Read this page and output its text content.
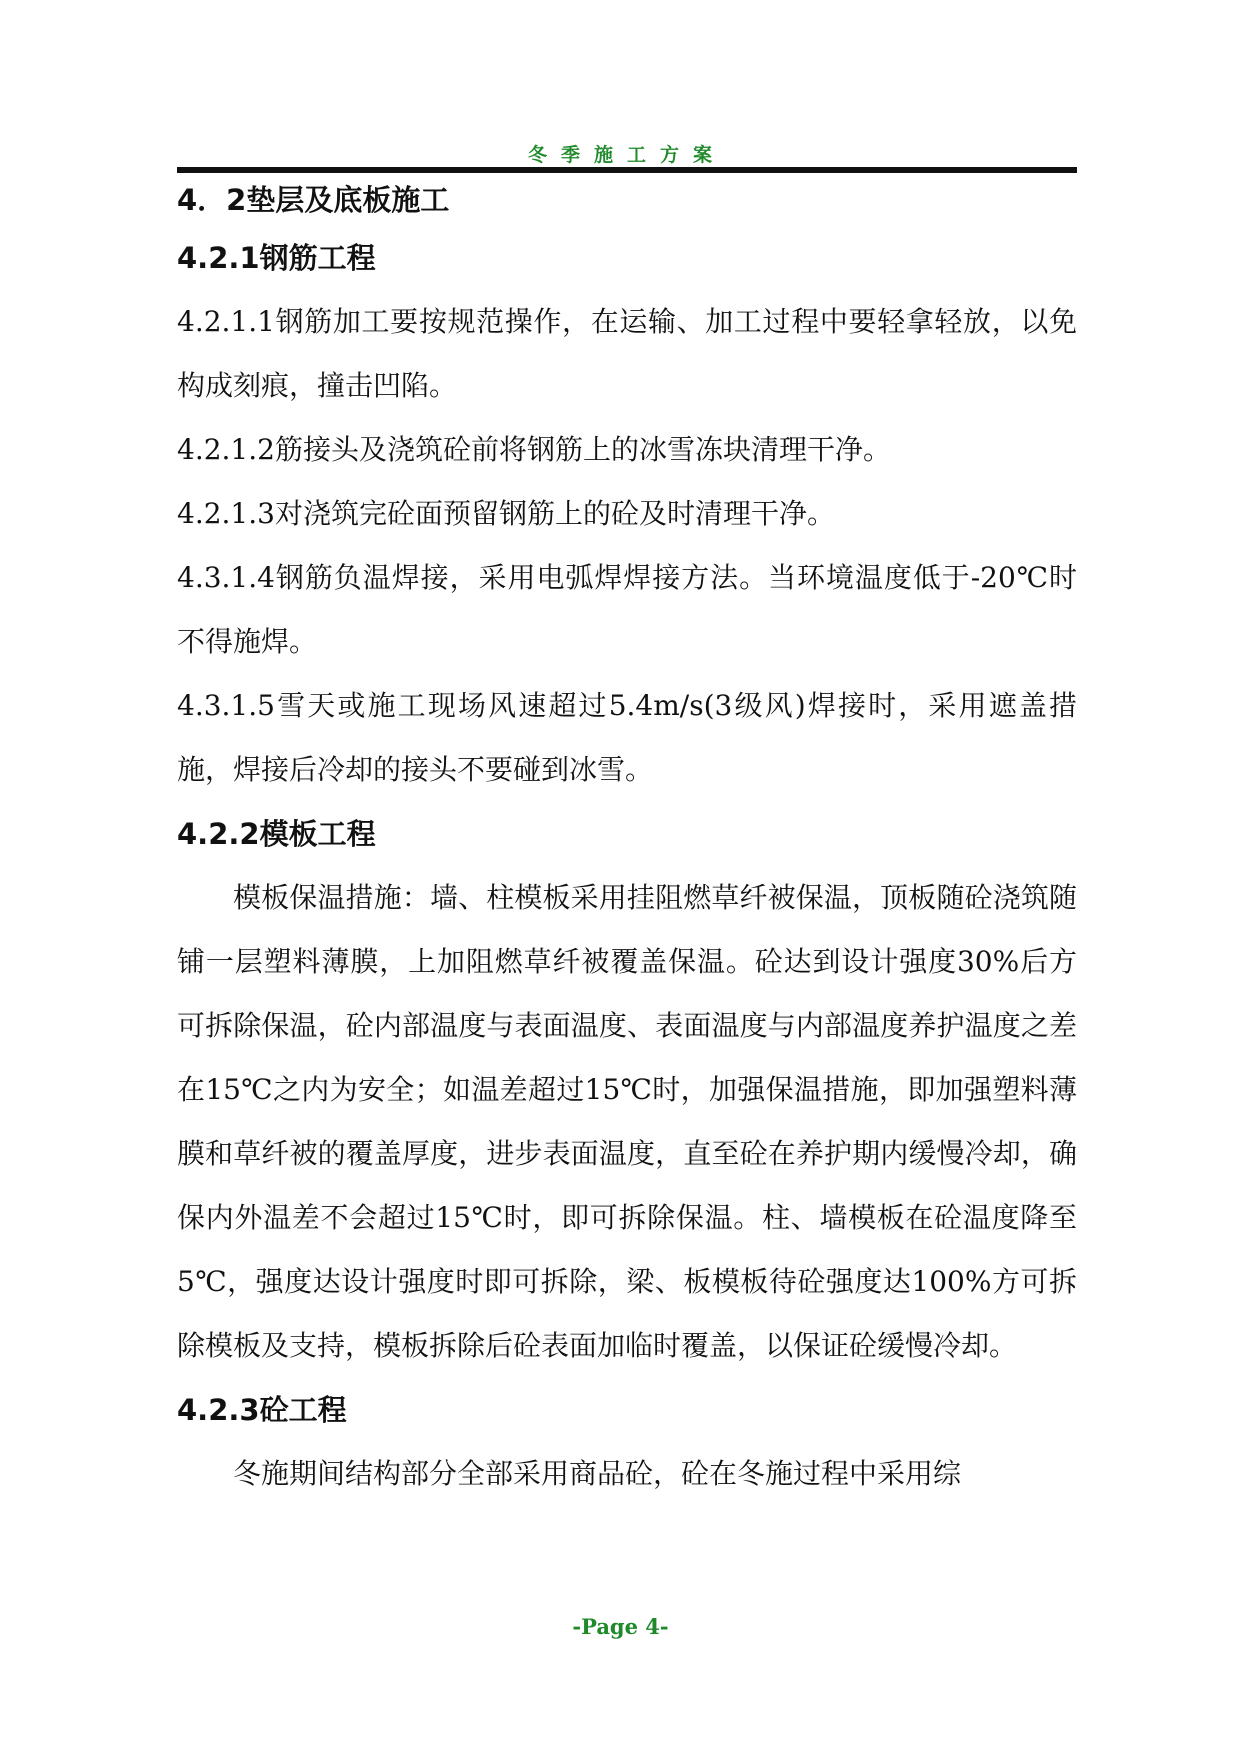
冬季施工方案
4．2垫层及底板施工
4.2.1钢筋工程

4.2.1.1钢筋加工要按规范操作，在运输、加工过程中要轻拿轻放，以免构成刻痕，撞击凹陷。

4.2.1.2筋接头及浇筑砼前将钢筋上的冰雪冻块清理干净。

4.2.1.3对浇筑完砼面预留钢筋上的砼及时清理干净。

4.3.1.4钢筋负温焊接，采用电弧焊焊接方法。当环境温度低于-20℃时不得施焊。

4.3.1.5雪天或施工现场风速超过5.4m/s(3级风)焊接时，采用遮盖措施，焊接后冷却的接头不要碰到冰雪。

4.2.2模板工程

模板保温措施：墙、柱模板采用挂阻燃草纤被保温，顶板随砼浇筑随铺一层塑料薄膜，上加阻燃草纤被覆盖保温。砼达到设计强度30%后方可拆除保温，砼内部温度与表面温度、表面温度与内部温度养护温度之差在15℃之内为安全；如温差超过15℃时，加强保温措施，即加强塑料薄膜和草纤被的覆盖厚度，进步表面温度，直至砼在养护期内缓慢冷却，确保内外温差不会超过15℃时，即可拆除保温。柱、墙模板在砼温度降至5℃，强度达设计强度时即可拆除，梁、板模板待砼强度达100%方可拆除模板及支持，模板拆除后砼表面加临时覆盖，以保证砼缓慢冷却。

4.2.3砼工程

冬施期间结构部分全部采用商品砼，砼在冬施过程中采用综

-Page 4-
